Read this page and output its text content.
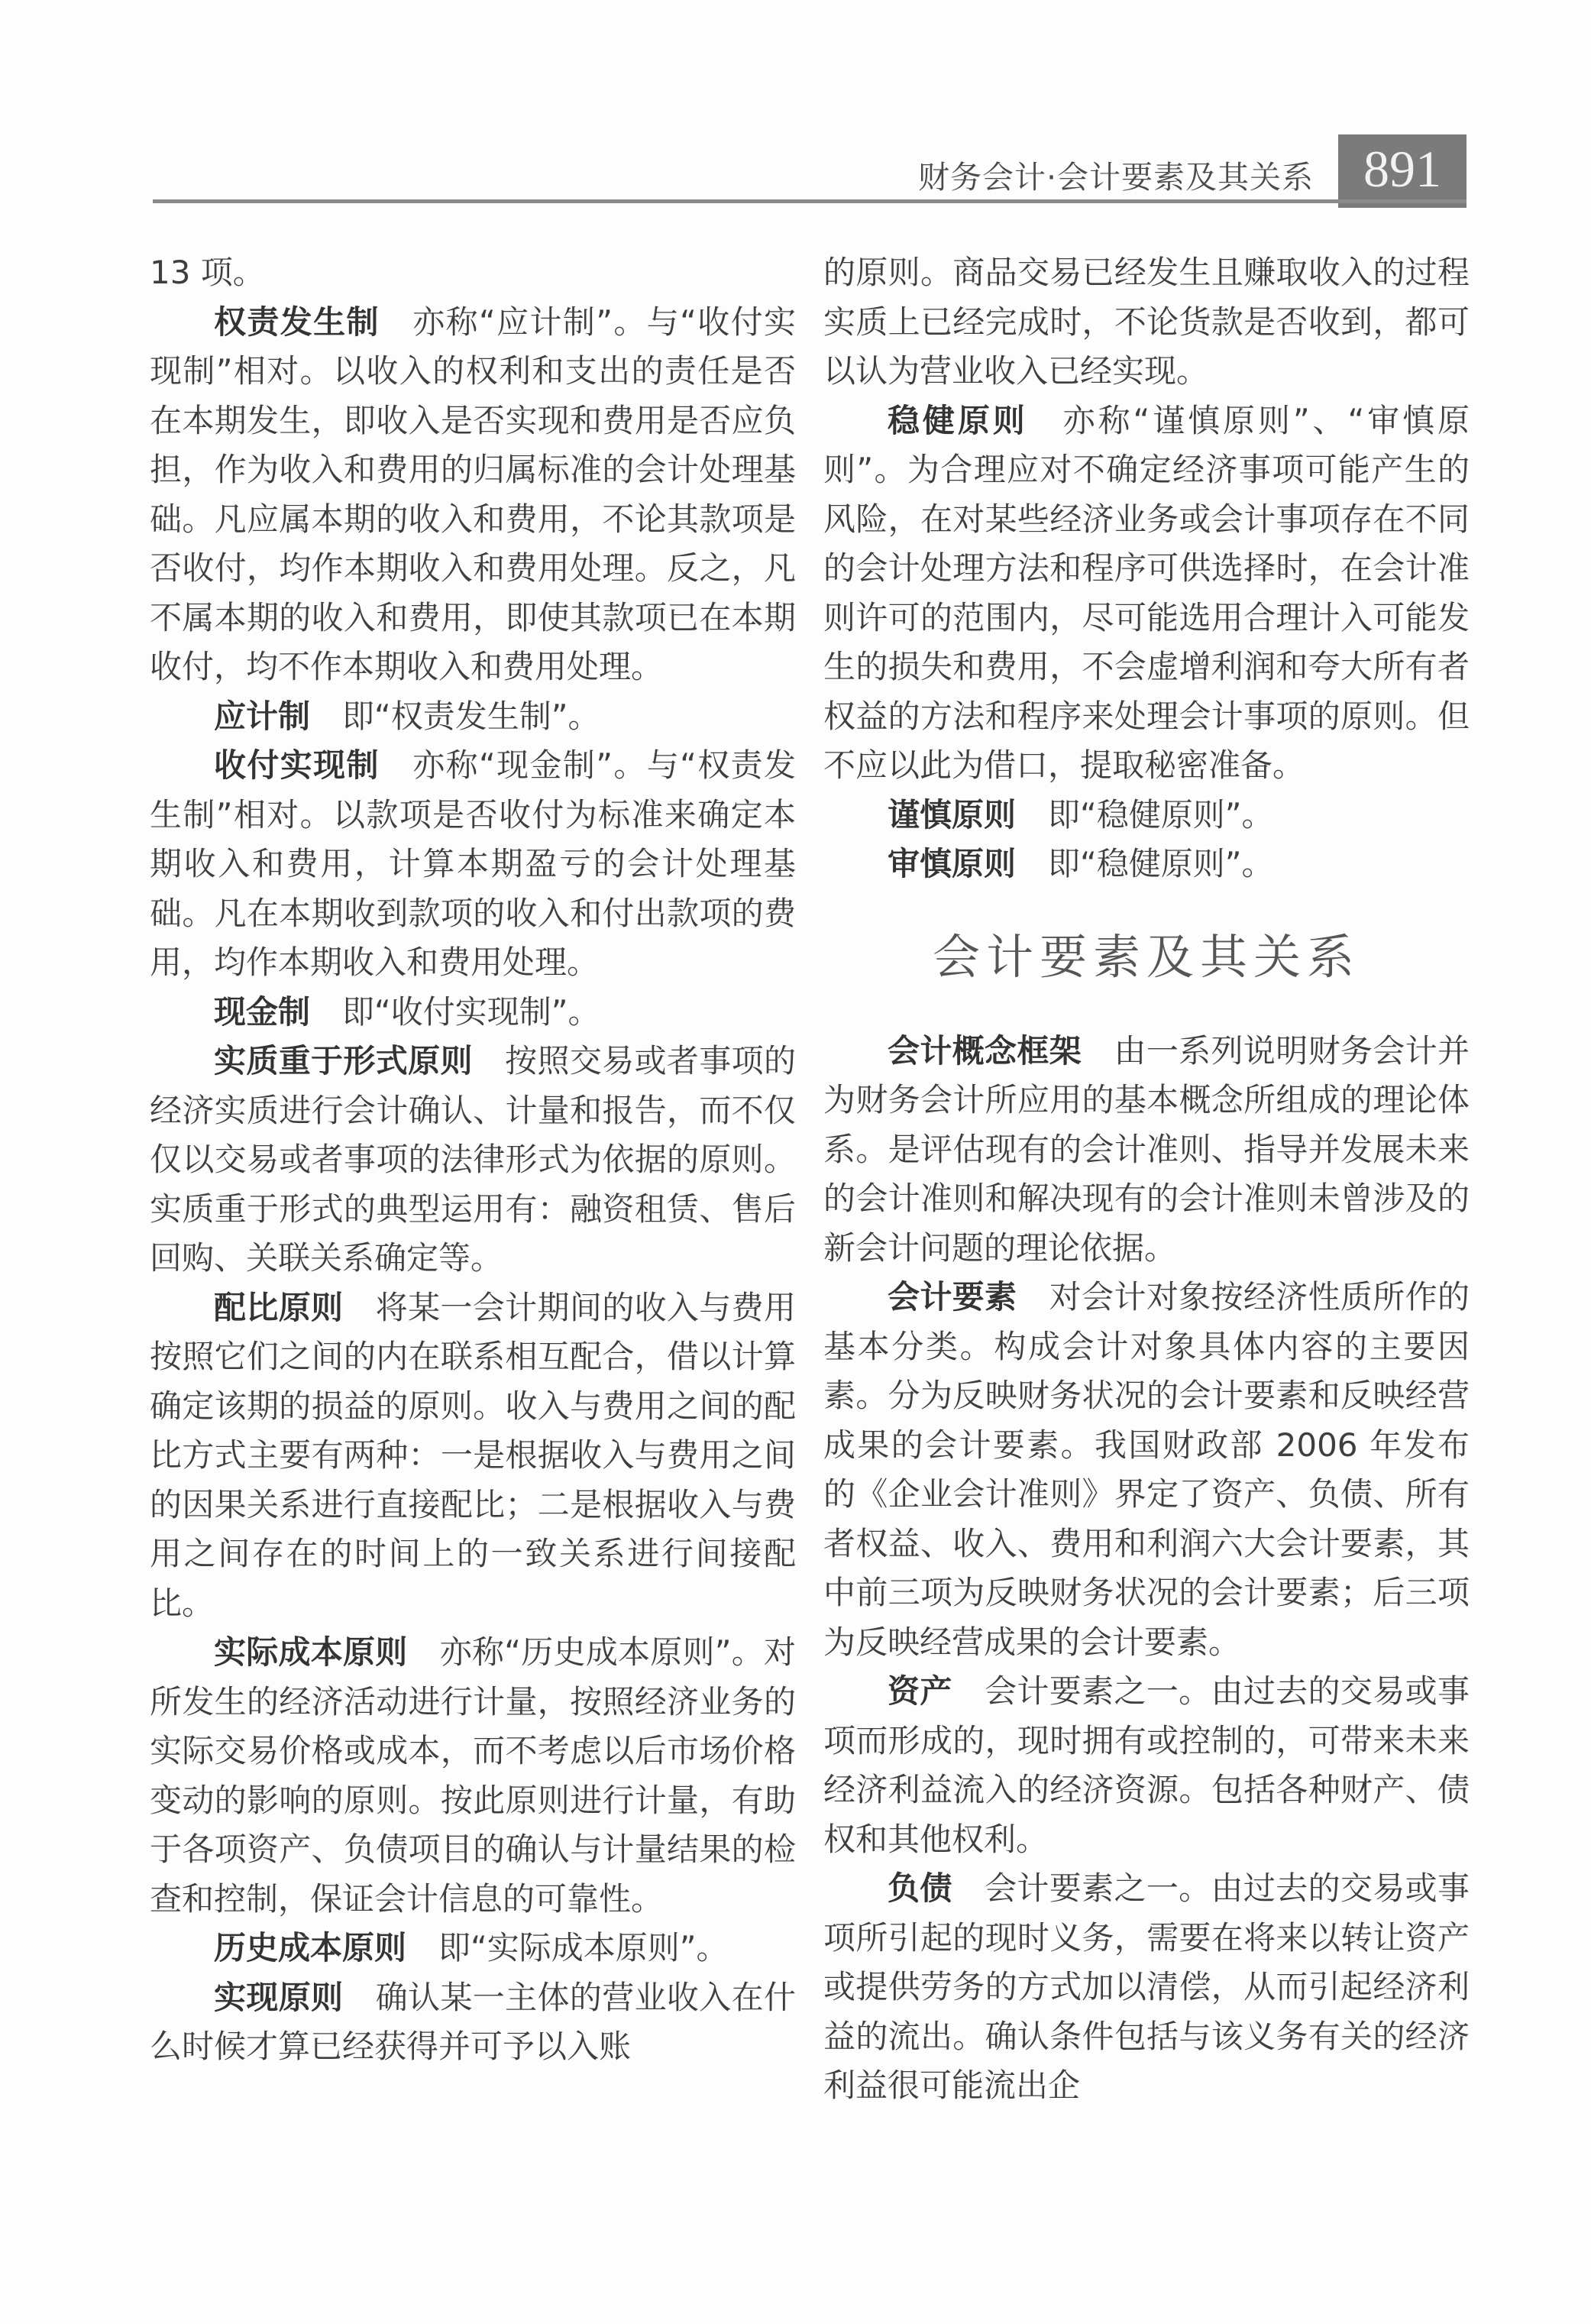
财务会计·会计要素及其关系 891

13 项。

权责发生制 亦称“应计制”。与“收付实现制”相对。以收入的权利和支出的责任是否在本期发生，即收入是否实现和费用是否应负担，作为收入和费用的归属标准的会计处理基础。凡应属本期的收入和费用，不论其款项是否收付，均作本期收入和费用处理。反之，凡不属本期的收入和费用，即使其款项已在本期收付，均不作本期收入和费用处理。

应计制 即“权责发生制”。

收付实现制 亦称“现金制”。与“权责发生制”相对。以款项是否收付为标准来确定本期收入和费用，计算本期盈亏的会计处理基础。凡在本期收到款项的收入和付出款项的费用，均作本期收入和费用处理。

现金制 即“收付实现制”。

实质重于形式原则 按照交易或者事项的经济实质进行会计确认、计量和报告，而不仅仅以交易或者事项的法律形式为依据的原则。实质重于形式的典型运用有：融资租赁、售后回购、关联关系确定等。

配比原则 将某一会计期间的收入与费用按照它们之间的内在联系相互配合，借以计算确定该期的损益的原则。收入与费用之间的配比方式主要有两种：一是根据收入与费用之间的因果关系进行直接配比；二是根据收入与费用之间存在的时间上的一致关系进行间接配比。

实际成本原则 亦称“历史成本原则”。对所发生的经济活动进行计量，按照经济业务的实际交易价格或成本，而不考虑以后市场价格变动的影响的原则。按此原则进行计量，有助于各项资产、负债项目的确认与计量结果的检查和控制，保证会计信息的可靠性。

历史成本原则 即“实际成本原则”。

实现原则 确认某一主体的营业收入在什么时候才算已经获得并可予以入账

的原则。商品交易已经发生且赚取收入的过程实质上已经完成时，不论货款是否收到，都可以认为营业收入已经实现。

稳健原则 亦称“谨慎原则”、“审慎原则”。为合理应对不确定经济事项可能产生的风险，在对某些经济业务或会计事项存在不同的会计处理方法和程序可供选择时，在会计准则许可的范围内，尽可能选用合理计入可能发生的损失和费用，不会虚增利润和夸大所有者权益的方法和程序来处理会计事项的原则。但不应以此为借口，提取秘密准备。

谨慎原则 即“稳健原则”。

审慎原则 即“稳健原则”。

会计要素及其关系

会计概念框架 由一系列说明财务会计并为财务会计所应用的基本概念所组成的理论体系。是评估现有的会计准则、指导并发展未来的会计准则和解决现有的会计准则未曾涉及的新会计问题的理论依据。

会计要素 对会计对象按经济性质所作的基本分类。构成会计对象具体内容的主要因素。分为反映财务状况的会计要素和反映经营成果的会计要素。我国财政部 2006 年发布的《企业会计准则》界定了资产、负债、所有者权益、收入、费用和利润六大会计要素，其中前三项为反映财务状况的会计要素；后三项为反映经营成果的会计要素。

资产 会计要素之一。由过去的交易或事项而形成的，现时拥有或控制的，可带来未来经济利益流入的经济资源。包括各种财产、债权和其他权利。

负债 会计要素之一。由过去的交易或事项所引起的现时义务，需要在将来以转让资产或提供劳务的方式加以清偿，从而引起经济利益的流出。确认条件包括与该义务有关的经济利益很可能流出企
